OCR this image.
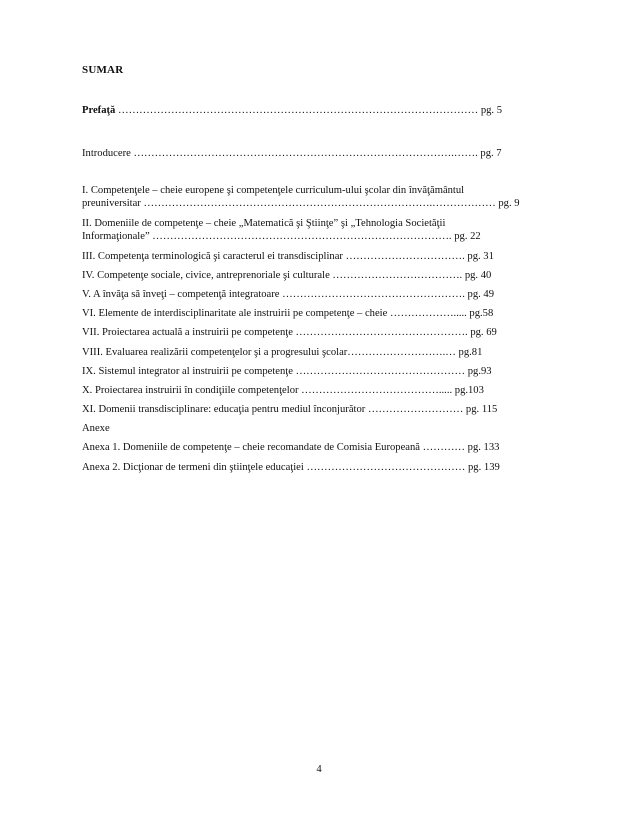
SUMAR
Prefaţă ………………………………………………………………………………………… pg. 5
Introducere ……………………………………………………………………………….……. pg. 7
I. Competenţele – cheie europene şi competenţele curriculum-ului şcolar din învăţământul
preuniversitar ……………………………………………………………………….……………… pg. 9
II. Domeniile de competenţe – cheie „Matematică şi Ştiinţe” şi „Tehnologia Societăţii
Informaţionale” …………………………………………………………………………. pg. 22
III. Competenţa terminologică şi caracterul ei transdisciplinar ……………………………. pg. 31
IV. Competenţe sociale, civice, antreprenoriale şi culturale ………………………………. pg. 40
V. A învăţa să înveţi – competenţă integratoare ……………………………………………. pg. 49
VI. Elemente de interdisciplinaritate ale instruirii pe competenţe – cheie ………………..... pg.58
VII. Proiectarea actuală a instruirii pe competenţe …………………………………………. pg. 69
VIII. Evaluarea realizării competenţelor şi a progresului şcolar……………………….… pg.81
IX. Sistemul integrator al instruirii pe competenţe ………………………………………… pg.93
X. Proiectarea instruirii în condiţiile competenţelor …………………………………..... pg.103
XI. Domenii transdisciplinare: educaţia pentru mediul înconjurător ……………………… pg. 115
Anexe
Anexa 1. Domeniile de competenţe – cheie recomandate de Comisia Europeană ………… pg. 133
Anexa 2. Dicţionar de termeni din ştiinţele educaţiei ……………………………………… pg. 139
4
